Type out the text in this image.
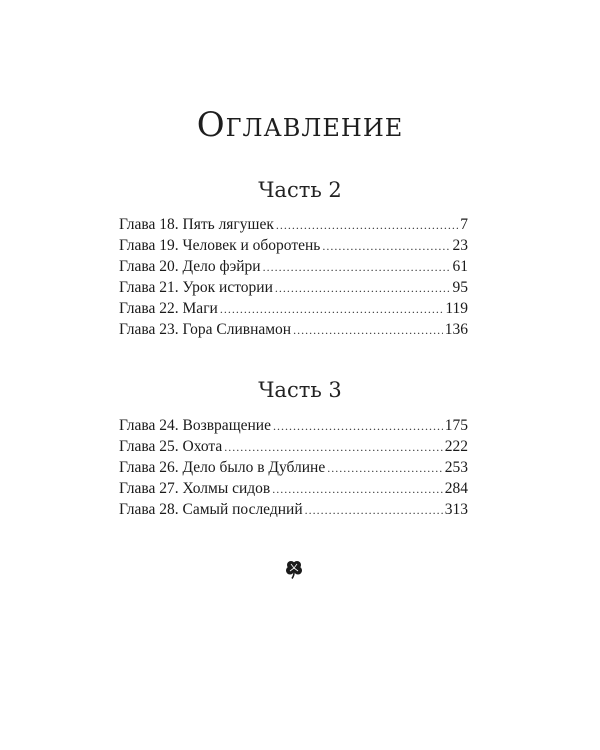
Оглавление
Часть 2
Глава 18. Пять лягушек .....	7
Глава 19. Человек и оборотень .....	23
Глава 20. Дело фэйри .....	61
Глава 21. Урок истории .....	95
Глава 22. Маги .....	119
Глава 23. Гора Сливнамон .....	136
Часть 3
Глава 24. Возвращение .....	175
Глава 25. Охота .....	222
Глава 26. Дело было в Дублине .....	253
Глава 27. Холмы сидов .....	284
Глава 28. Самый последний .....	313
